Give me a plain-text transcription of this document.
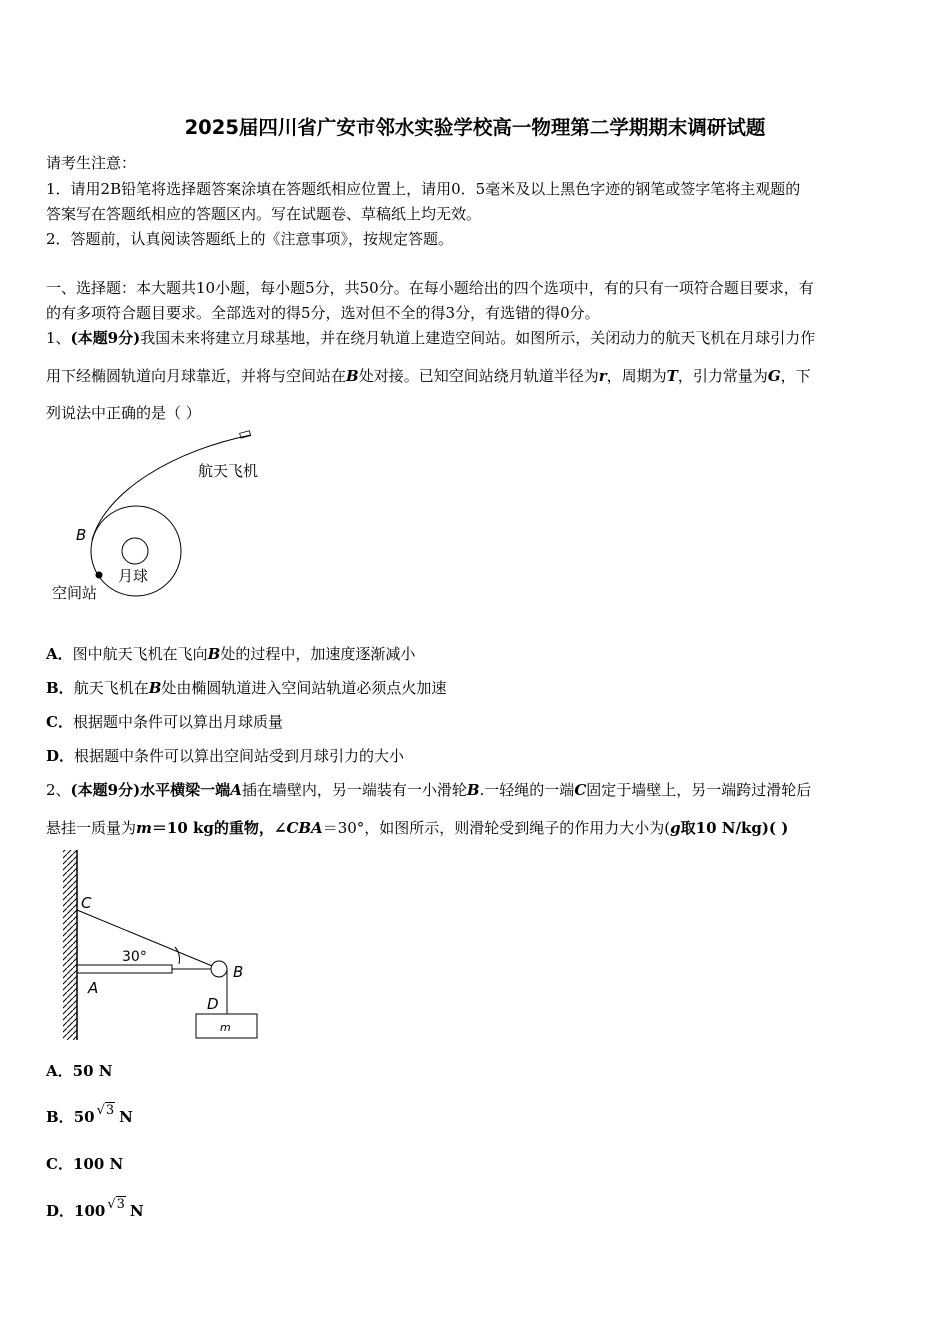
2025届四川省广安市邻水实验学校高一物理第二学期期末调研试题
请考生注意：
1．请用2B铅笔将选择题答案涂填在答题纸相应位置上，请用0．5毫米及以上黑色字迹的钢笔或签字笔将主观题的
答案写在答题纸相应的答题区内。写在试题卷、草稿纸上均无效。
2．答题前，认真阅读答题纸上的《注意事项》，按规定答题。
一、选择题：本大题共10小题，每小题5分，共50分。在每小题给出的四个选项中，有的只有一项符合题目要求，有
的有多项符合题目要求。全部选对的得5分，选对但不全的得3分，有选错的得0分。
1、(本题9分)我国未来将建立月球基地，并在绕月轨道上建造空间站。如图所示，关闭动力的航天飞机在月球引力作
用下经椭圆轨道向月球靠近，并将与空间站在B处对接。已知空间站绕月轨道半径为r，周期为T，引力常量为G，下
列说法中正确的是（ ）
航天飞机
B
月球
空间站
A．图中航天飞机在飞向B处的过程中，加速度逐渐减小
B．航天飞机在B处由椭圆轨道进入空间站轨道必须点火加速
C．根据题中条件可以算出月球质量
D．根据题中条件可以算出空间站受到月球引力的大小
2、(本题9分)水平横梁一端A插在墙壁内，另一端装有一小滑轮B.一轻绳的一端C固定于墙壁上，另一端跨过滑轮后
悬挂一质量为m＝10 kg的重物，∠CBA＝30°，如图所示，则滑轮受到绳子的作用力大小为(g取10 N/kg)( )
C
30°
B
A
D
m
A．50 N
B．50 √3 N
C．100 N
D．100 √3 N
